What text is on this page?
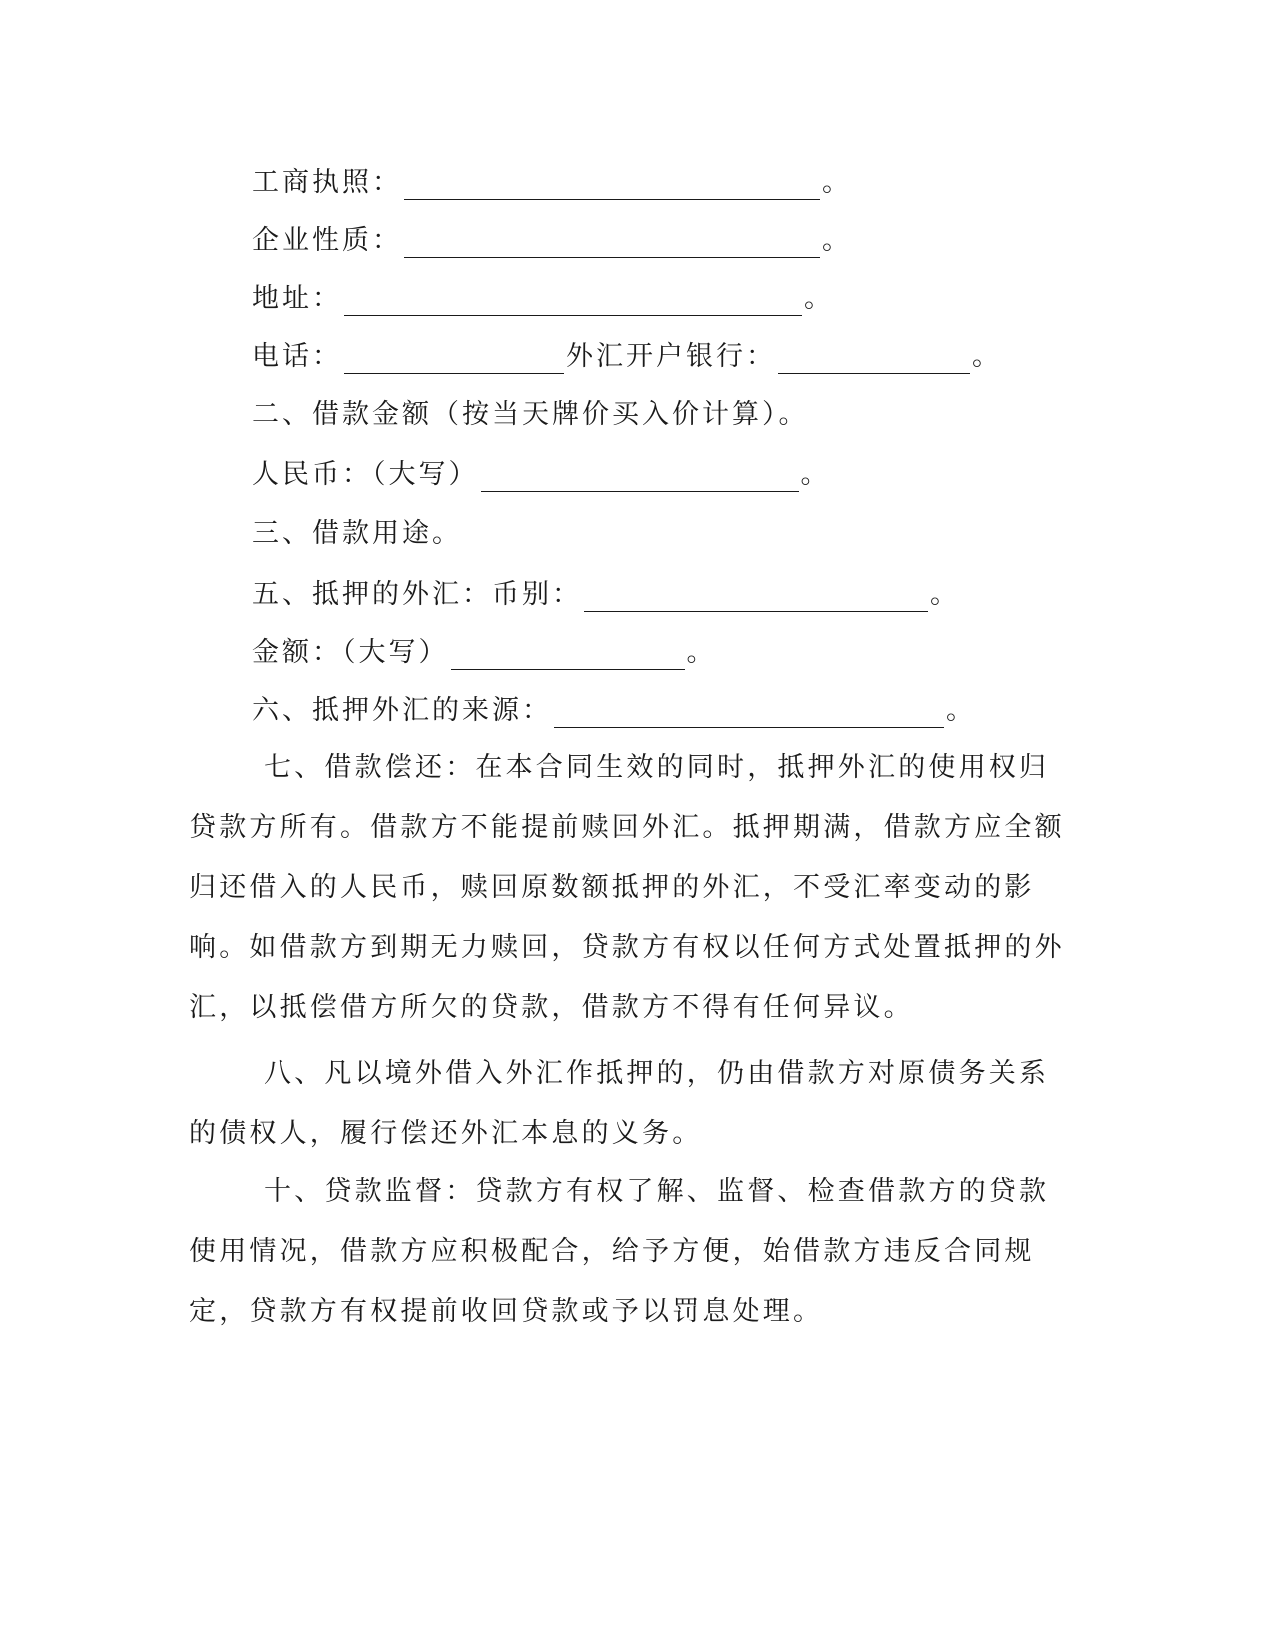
工商执照：	。
企业性质：	。
地址：	。
电话：	外汇开户银行：	。
二、借款金额（按当天牌价买入价计算）。
人民币：（大写）	。
三、借款用途。
五、抵押的外汇：币别：	。
金额：（大写）	。
六、抵押外汇的来源：	。
七、借款偿还：在本合同生效的同时，抵押外汇的使用权归贷款方所有。借款方不能提前赎回外汇。抵押期满，借款方应全额归还借入的人民币，赎回原数额抵押的外汇，不受汇率变动的影响。如借款方到期无力赎回，贷款方有权以任何方式处置抵押的外汇，以抵偿借方所欠的贷款，借款方不得有任何异议。
八、凡以境外借入外汇作抵押的，仍由借款方对原债务关系的债权人，履行偿还外汇本息的义务。
十、贷款监督：贷款方有权了解、监督、检查借款方的贷款使用情况，借款方应积极配合，给予方便，始借款方违反合同规定，贷款方有权提前收回贷款或予以罚息处理。
